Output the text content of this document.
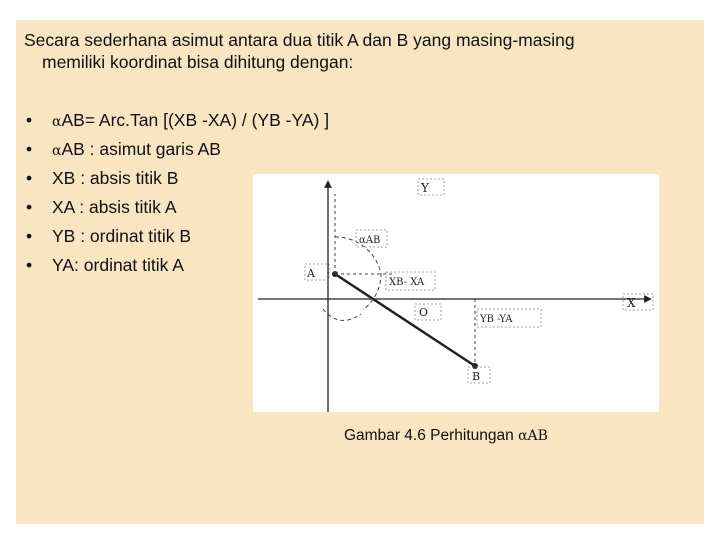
Secara sederhana asimut antara dua titik A dan B yang masing-masing
memiliki koordinat bisa dihitung dengan:
• αAB= Arc.Tan [(XB -XA) / (YB -YA) ]
• αAB : asimut garis AB
• XB : absis titik B
• XA : absis titik A
• YB : ordinat titik B
• YA: ordinat titik A
Y
X
αAB
A
XB- XA
O
YB -YA
B
Gambar 4.6 Perhitungan αAB
